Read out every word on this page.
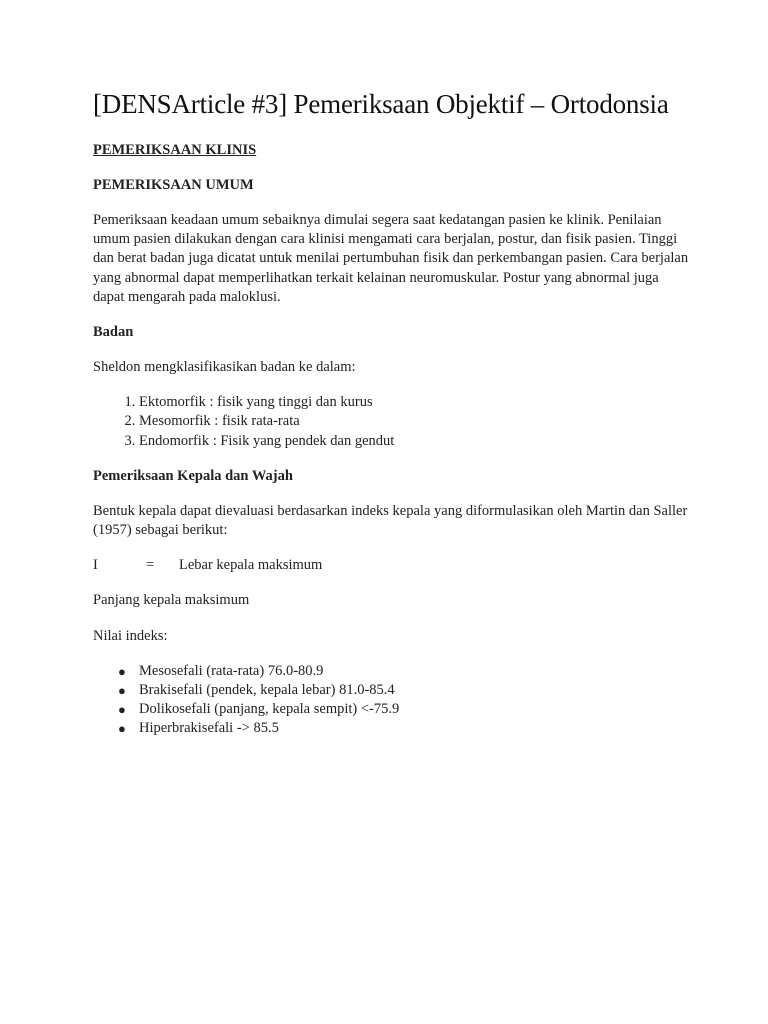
[DENSArticle #3] Pemeriksaan Objektif – Ortodonsia
PEMERIKSAAN KLINIS
PEMERIKSAAN UMUM

Pemeriksaan keadaan umum sebaiknya dimulai segera saat kedatangan pasien ke klinik. Penilaian umum pasien dilakukan dengan cara klinisi mengamati cara berjalan, postur, dan fisik pasien. Tinggi dan berat badan juga dicatat untuk menilai pertumbuhan fisik dan perkembangan pasien. Cara berjalan yang abnormal dapat memperlihatkan terkait kelainan neuromuskular. Postur yang abnormal juga dapat mengarah pada maloklusi.

Badan

Sheldon mengklasifikasikan badan ke dalam:

1. Ektomorfik : fisik yang tinggi dan kurus
2. Mesomorfik : fisik rata-rata
3. Endomorfik : Fisik yang pendek dan gendut
Pemeriksaan Kepala dan Wajah

Bentuk kepala dapat dievaluasi berdasarkan indeks kepala yang diformulasikan oleh Martin dan Saller (1957) sebagai berikut:

I	=	Lebar kepala maksimum

Panjang kepala maksimum

Nilai indeks:

● Mesosefali (rata-rata) 76.0-80.9
● Brakisefali (pendek, kepala lebar) 81.0-85.4
● Dolikosefali (panjang, kepala sempit) <-75.9
● Hiperbrakisefali -> 85.5
